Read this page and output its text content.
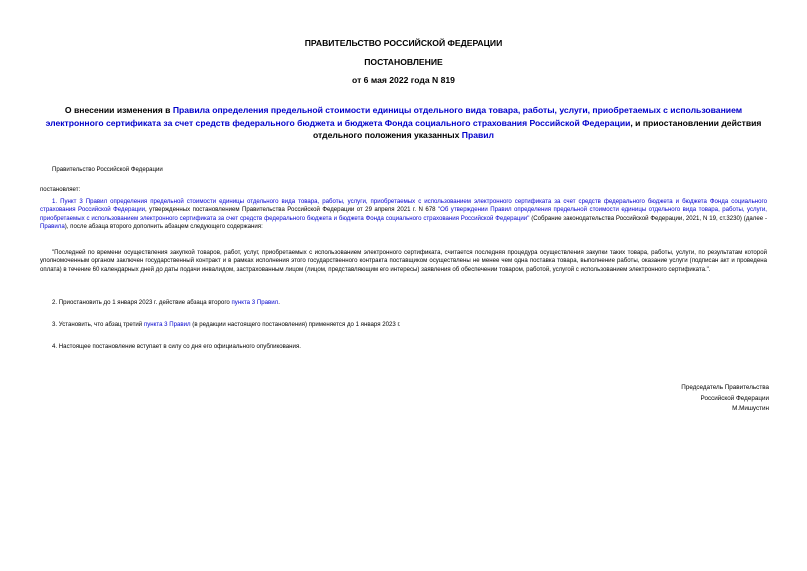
ПРАВИТЕЛЬСТВО РОССИЙСКОЙ ФЕДЕРАЦИИ
ПОСТАНОВЛЕНИЕ
от 6 мая 2022 года N 819
О внесении изменения в Правила определения предельной стоимости единицы отдельного вида товара, работы, услуги, приобретаемых с использованием электронного сертификата за счет средств федерального бюджета и бюджета Фонда социального страхования Российской Федерации, и приостановлении действия отдельного положения указанных Правил
Правительство Российской Федерации
постановляет:
1. Пункт 3 Правил определения предельной стоимости единицы отдельного вида товара, работы, услуги, приобретаемых с использованием электронного сертификата за счет средств федерального бюджета и бюджета Фонда социального страхования Российской Федерации, утвержденных постановлением Правительства Российской Федерации от 29 апреля 2021 г. N 678 "Об утверждении Правил определения предельной стоимости единицы отдельного вида товара, работы, услуги, приобретаемых с использованием электронного сертификата за счет средств федерального бюджета и бюджета Фонда социального страхования Российской Федерации" (Собрание законодательства Российской Федерации, 2021, N 19, ст.3230) (далее - Правила), после абзаца второго дополнить абзацем следующего содержания:
"Последней по времени осуществления закупкой товаров, работ, услуг, приобретаемых с использованием электронного сертификата, считается последняя процедура осуществления закупки таких товара, работы, услуги, по результатам которой уполномоченным органом заключен государственный контракт и в рамках исполнения этого государственного контракта поставщиком осуществлены не менее чем одна поставка товара, выполнение работы, оказание услуги (подписан акт и проведена оплата) в течение 60 календарных дней до даты подачи инвалидом, застрахованным лицом (лицом, представляющим его интересы) заявления об обеспечении товаром, работой, услугой с использованием электронного сертификата.".
2. Приостановить до 1 января 2023 г. действие абзаца второго пункта 3 Правил.
3. Установить, что абзац третий пункта 3 Правил (в редакции настоящего постановления) применяется до 1 января 2023 г.
4. Настоящее постановление вступает в силу со дня его официального опубликования.
Председатель Правительства
Российской Федерации
М.Мишустин
